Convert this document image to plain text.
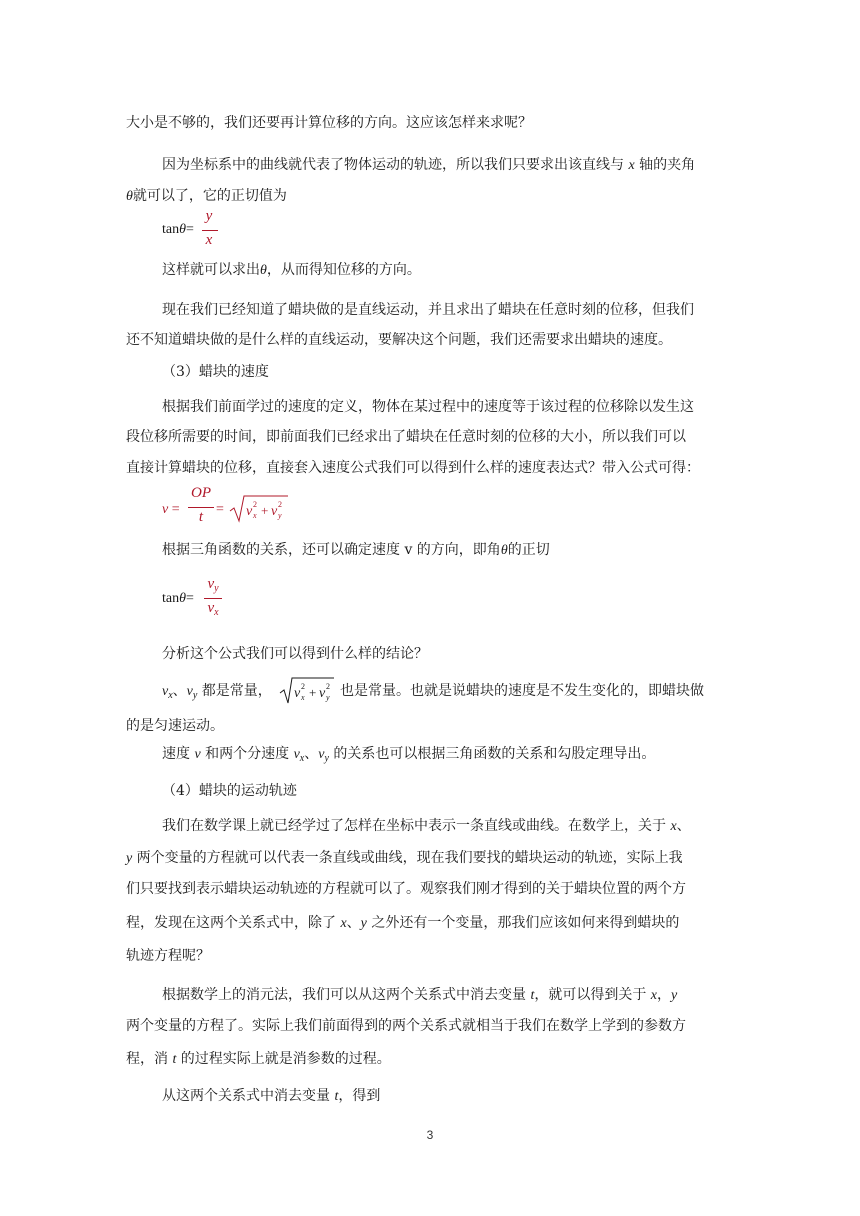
大小是不够的，我们还要再计算位移的方向。这应该怎样来求呢？
因为坐标系中的曲线就代表了物体运动的轨迹，所以我们只要求出该直线与 x 轴的夹角
θ就可以了，它的正切值为
tanθ=
y
x
这样就可以求出θ，从而得知位移的方向。
现在我们已经知道了蜡块做的是直线运动，并且求出了蜡块在任意时刻的位移，但我们
还不知道蜡块做的是什么样的直线运动，要解决这个问题，我们还需要求出蜡块的速度。
（3）蜡块的速度
根据我们前面学过的速度的定义，物体在某过程中的速度等于该过程的位移除以发生这
段位移所需要的时间，即前面我们已经求出了蜡块在任意时刻的位移的大小，所以我们可以
直接计算蜡块的位移，直接套入速度公式我们可以得到什么样的速度表达式？带入公式可得：
v =
OP
t = v x
2 + v y
2
根据三角函数的关系，还可以确定速度 v 的方向，即角θ的正切
tanθ=
$v_y$
$v_x$
分析这个公式我们可以得到什么样的结论？
$v_x$、$v_y$ 都是常量， v x
2 + v y
2 也是常量。也就是说蜡块的速度是不发生变化的，即蜡块做
的是匀速运动。
速度 v 和两个分速度 $v_x$、$v_y$ 的关系也可以根据三角函数的关系和勾股定理导出。
（4）蜡块的运动轨迹
我们在数学课上就已经学过了怎样在坐标中表示一条直线或曲线。在数学上，关于 x、
y 两个变量的方程就可以代表一条直线或曲线，现在我们要找的蜡块运动的轨迹，实际上我
们只要找到表示蜡块运动轨迹的方程就可以了。观察我们刚才得到的关于蜡块位置的两个方
程，发现在这两个关系式中，除了 x、y 之外还有一个变量，那我们应该如何来得到蜡块的
轨迹方程呢？
根据数学上的消元法，我们可以从这两个关系式中消去变量 t，就可以得到关于 x，y
两个变量的方程了。实际上我们前面得到的两个关系式就相当于我们在数学上学到的参数方
程，消 t 的过程实际上就是消参数的过程。
从这两个关系式中消去变量 t，得到
3
